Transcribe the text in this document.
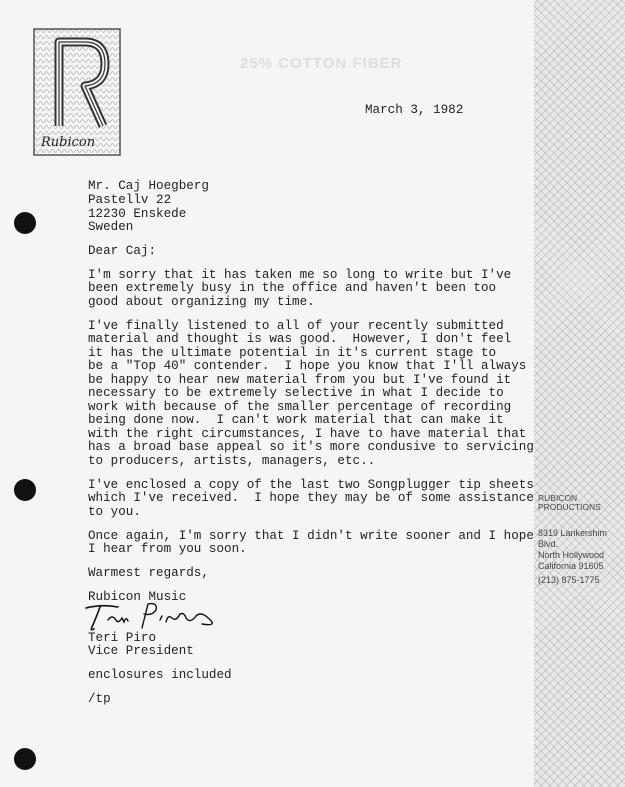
25% COTTON FIBER
Rubicon
March 3, 1982
Mr. Caj Hoegberg
Pastellv 22
12230 Enskede
Sweden
Dear Caj:
I'm sorry that it has taken me so long to write but I've
been extremely busy in the office and haven't been too
good about organizing my time.
I've finally listened to all of your recently submitted
material and thought is was good.  However, I don't feel
it has the ultimate potential in it's current stage to
be a "Top 40" contender.  I hope you know that I'll always
be happy to hear new material from you but I've found it
necessary to be extremely selective in what I decide to
work with because of the smaller percentage of recording
being done now.  I can't work material that can make it
with the right circumstances, I have to have material that
has a broad base appeal so it's more condusive to servicing
to producers, artists, managers, etc..
I've enclosed a copy of the last two Songplugger tip sheets
which I've received.  I hope they may be of some assistance
to you.
Once again, I'm sorry that I didn't write sooner and I hope
I hear from you soon.
Warmest regards,
Rubicon Music
Teri Piro
Vice President
enclosures included
/tp
RUBICON
PRODUCTIONS
8319 Lankershim Blvd.
North Hollywood
California 91605
(213) 875-1775
